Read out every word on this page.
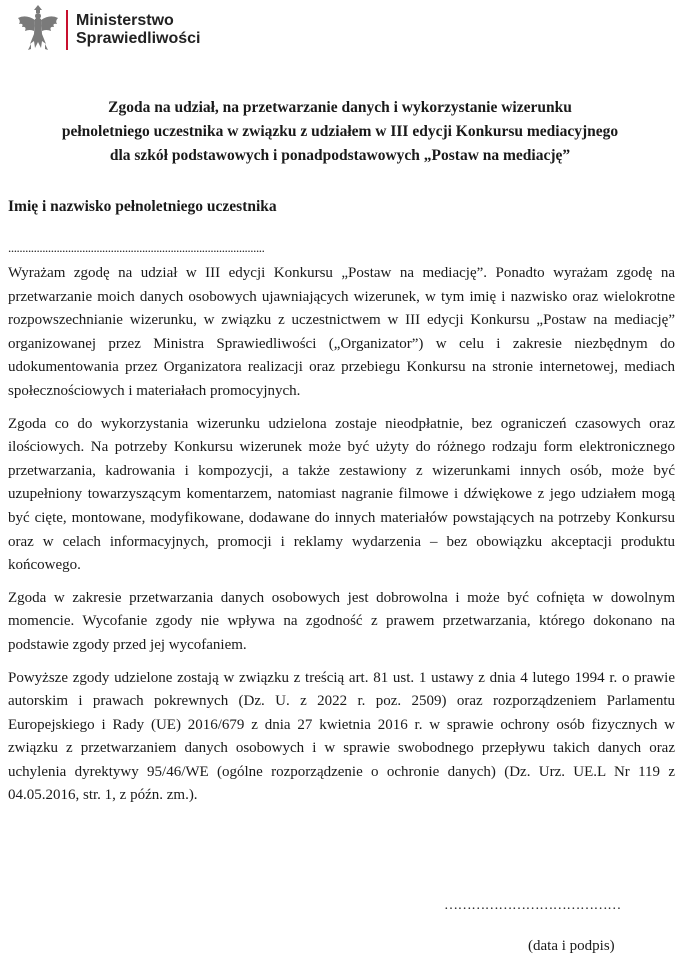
Ministerstwo
Sprawiedliwości
Zgoda na udział, na przetwarzanie danych i wykorzystanie wizerunku
pełnoletniego uczestnika w związku z udziałem w III edycji Konkursu mediacyjnego
dla szkół podstawowych i ponadpodstawowych „Postaw na mediację”
Imię i nazwisko pełnoletniego uczestnika
..........................................................................................

Wyrażam zgodę na udział w III edycji Konkursu „Postaw na mediację”. Ponadto wyrażam zgodę na przetwarzanie moich danych osobowych ujawniających wizerunek, w tym imię i nazwisko oraz wielokrotne rozpowszechnianie wizerunku, w związku z uczestnictwem w III edycji Konkursu „Postaw na mediację” organizowanej przez Ministra Sprawiedliwości („Organizator”) w celu i zakresie niezbędnym do udokumentowania przez Organizatora realizacji oraz przebiegu Konkursu na stronie internetowej, mediach społecznościowych i materiałach promocyjnych.

Zgoda co do wykorzystania wizerunku udzielona zostaje nieodpłatnie, bez ograniczeń czasowych oraz ilościowych. Na potrzeby Konkursu wizerunek może być użyty do różnego rodzaju form elektronicznego przetwarzania, kadrowania i kompozycji, a także zestawiony z wizerunkami innych osób, może być uzupełniony towarzyszącym komentarzem, natomiast nagranie filmowe i dźwiękowe z jego udziałem mogą być cięte, montowane, modyfikowane, dodawane do innych materiałów powstających na potrzeby Konkursu oraz w celach informacyjnych, promocji i reklamy wydarzenia – bez obowiązku akceptacji produktu końcowego.

Zgoda w zakresie przetwarzania danych osobowych jest dobrowolna i może być cofnięta w dowolnym momencie. Wycofanie zgody nie wpływa na zgodność z prawem przetwarzania, którego dokonano na podstawie zgody przed jej wycofaniem.

Powyższe zgody udzielone zostają w związku z treścią art. 81 ust. 1 ustawy z dnia 4 lutego 1994 r. o prawie autorskim i prawach pokrewnych (Dz. U. z 2022 r. poz. 2509) oraz rozporządzeniem Parlamentu Europejskiego i Rady (UE) 2016/679 z dnia 27 kwietnia 2016 r. w sprawie ochrony osób fizycznych w związku z przetwarzaniem danych osobowych i w sprawie swobodnego przepływu takich danych oraz uchylenia dyrektywy 95/46/WE (ogólne rozporządzenie o ochronie danych) (Dz. Urz. UE.L Nr 119 z 04.05.2016, str. 1, z późn. zm.).

…………………………………
(data i podpis)
